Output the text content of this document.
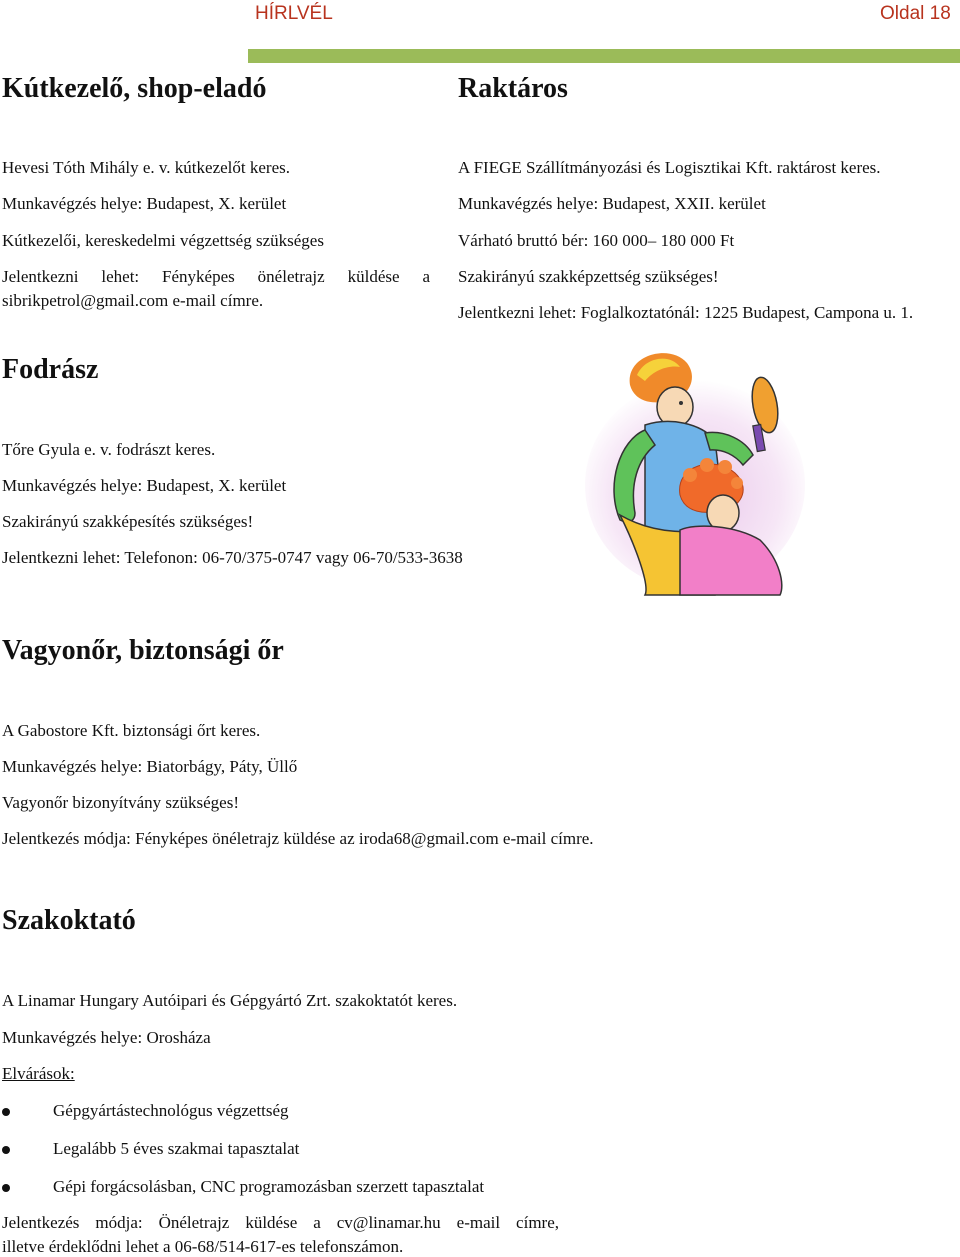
HÍRLVÉL	Oldal 18
Kútkezelő, shop-eladó

Hevesi Tóth Mihály e. v. kútkezelőt keres.

Munkavégzés helye: Budapest, X. kerület

Kútkezelői, kereskedelmi végzettség szükséges

Jelentkezni lehet: Fényképes önéletrajz küldése a

sibrikpetrol@gmail.com e-mail címre.

Raktáros

A FIEGE Szállítmányozási és Logisztikai Kft. raktárost keres.

Munkavégzés helye: Budapest, XXII. kerület

Várható bruttó bér: 160 000– 180 000 Ft

Szakirányú szakképzettség szükséges!

Jelentkezni lehet: Foglalkoztatónál: 1225 Budapest, Campona u. 1.

Fodrász

Tőre Gyula e. v. fodrászt keres.

Munkavégzés helye: Budapest, X. kerület

Szakirányú szakképesítés szükséges!

Jelentkezni lehet: Telefonon: 06-70/375-0747 vagy 06-70/533-3638

Vagyonőr, biztonsági őr

A Gabostore Kft. biztonsági őrt keres.

Munkavégzés helye: Biatorbágy, Páty, Üllő

Vagyonőr bizonyítvány szükséges!

Jelentkezés módja: Fényképes önéletrajz küldése az iroda68@gmail.com e-mail címre.

Szakoktató

A Linamar Hungary Autóipari és Gépgyártó Zrt. szakoktatót keres.

Munkavégzés helye: Orosháza

Elvárások:

Gépgyártástechnológus végzettség

Legalább 5 éves szakmai tapasztalat

Gépi forgácsolásban, CNC programozásban szerzett tapasztalat

Jelentkezés módja: Önéletrajz küldése a cv@linamar.hu e-mail címre,

illetve érdeklődni lehet a 06-68/514-617-es telefonszámon.
